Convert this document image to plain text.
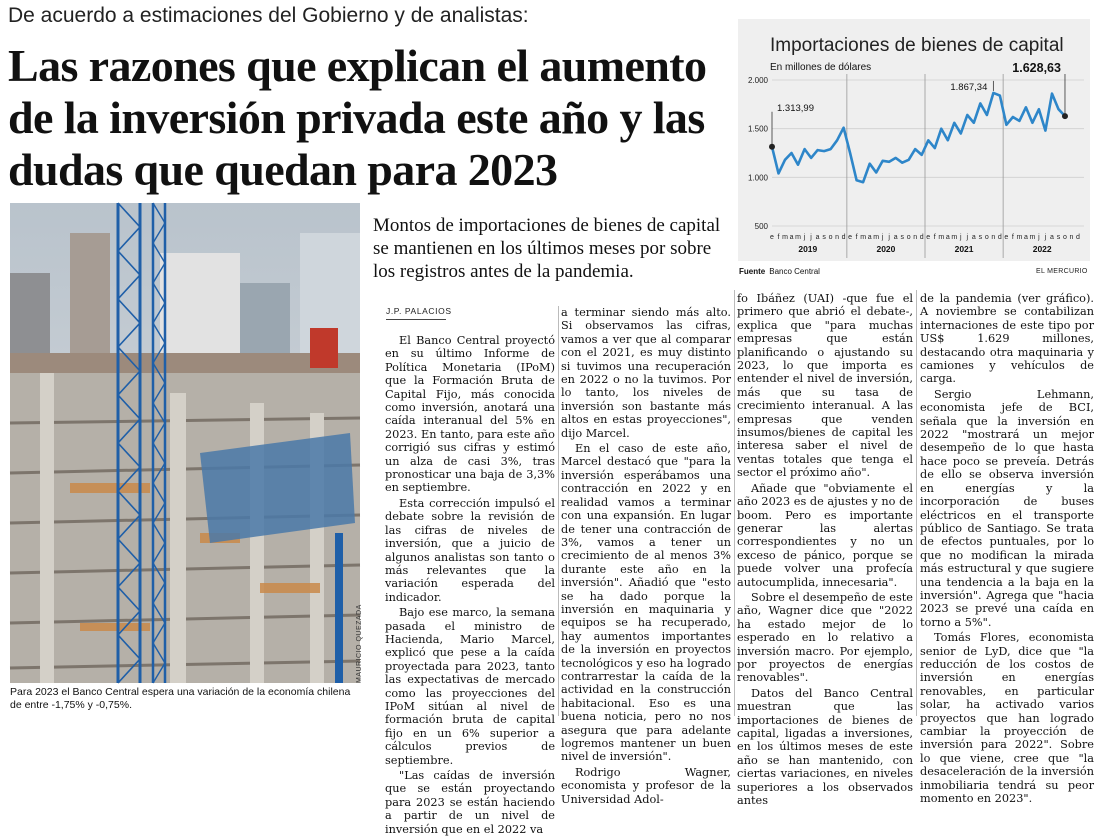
De acuerdo a estimaciones del Gobierno y de analistas:
Las razones que explican el aumento de la inversión privada este año y las dudas que quedan para 2023
MAURICIO QUEZADA
Para 2023 el Banco Central espera una variación de la economía chilena de entre -1,75% y -0,75%.
Montos de importaciones de bienes de capital se mantienen en los últimos meses por sobre los registros antes de la pandemia.
J.P. PALACIOS

El Banco Central proyectó en su último Informe de Política Monetaria (IPoM) que la Formación Bruta de Capital Fijo, más conocida como inversión, anotará una caída interanual del 5% en 2023. En tanto, para este año corrigió sus cifras y estimó un alza de casi 3%, tras pronosticar una baja de 3,3% en septiembre.

Esta corrección impulsó el debate sobre la revisión de las cifras de niveles de inversión, que a juicio de algunos analistas son tanto o más relevantes que la variación esperada del indicador.

Bajo ese marco, la semana pasada el ministro de Hacienda, Mario Marcel, explicó que pese a la caída proyectada para 2023, tanto las expectativas de mercado como las proyecciones del IPoM sitúan al nivel de formación bruta de capital fijo en un 6% superior a cálculos previos de septiembre.

"Las caídas de inversión que se están proyectando para 2023 se están haciendo a partir de un nivel de inversión que en el 2022 va

a terminar siendo más alto. Si observamos las cifras, vamos a ver que al comparar con el 2021, es muy distinto si tuvimos una recuperación en 2022 o no la tuvimos. Por lo tanto, los niveles de inversión son bastante más altos en estas proyecciones", dijo Marcel.

En el caso de este año, Marcel destacó que "para la inversión esperábamos una contracción en 2022 y en realidad vamos a terminar con una expansión. En lugar de tener una contracción de 3%, vamos a tener un crecimiento de al menos 3% durante este año en la inversión". Añadió que "esto se ha dado porque la inversión en maquinaria y equipos se ha recuperado, hay aumentos importantes de la inversión en proyectos tecnológicos y eso ha logrado contrarrestar la caída de la actividad en la construcción habitacional. Eso es una buena noticia, pero no nos asegura que para adelante logremos mantener un buen nivel de inversión".

Rodrigo Wagner, economista y profesor de la Universidad Adol-

fo Ibáñez (UAI) -que fue el primero que abrió el debate-, explica que "para muchas empresas que están planificando o ajustando su 2023, lo que importa es entender el nivel de inversión, más que su tasa de crecimiento interanual. A las empresas que venden insumos/bienes de capital les interesa saber el nivel de ventas totales que tenga el sector el próximo año".

Añade que "obviamente el año 2023 es de ajustes y no de boom. Pero es importante generar las alertas correspondientes y no un exceso de pánico, porque se puede volver una profecía autocumplida, innecesaria".

Sobre el desempeño de este año, Wagner dice que "2022 ha estado mejor de lo esperado en lo relativo a inversión macro. Por ejemplo, por proyectos de energías renovables".

Datos del Banco Central muestran que las importaciones de bienes de capital, ligadas a inversiones, en los últimos meses de este año se han mantenido, con ciertas variaciones, en niveles superiores a los observados antes

de la pandemia (ver gráfico). A noviembre se contabilizan internaciones de este tipo por US$ 1.629 millones, destacando otra maquinaria y camiones y vehículos de carga.

Sergio Lehmann, economista jefe de BCI, señala que la inversión en 2022 "mostrará un mejor desempeño de lo que hasta hace poco se preveía. Detrás de ello se observa inversión en energías y la incorporación de buses eléctricos en el transporte público de Santiago. Se trata de efectos puntuales, por lo que no modifican la mirada más estructural y que sugiere una tendencia a la baja en la inversión". Agrega que "hacia 2023 se prevé una caída en torno a 5%".

Tomás Flores, economista senior de LyD, dice que "la reducción de los costos de inversión en energías renovables, en particular solar, ha activado varios proyectos que han logrado cambiar la proyección de inversión para 2022". Sobre lo que viene, cree que "la desaceleración de la inversión inmobiliaria tendrá su peor momento en 2023".

Importaciones de bienes de capital
En millones de dólares
2.000
1.500
1.000
500
e f m a m j j a s o n d e f m a m j j a s o n d e f m a m j j a s o n d e f m a m j j a s o n d
2019	2020	2021	2022
1.313,99
1.867,34
1.628,63
Fuente Banco Central	EL MERCURIO
